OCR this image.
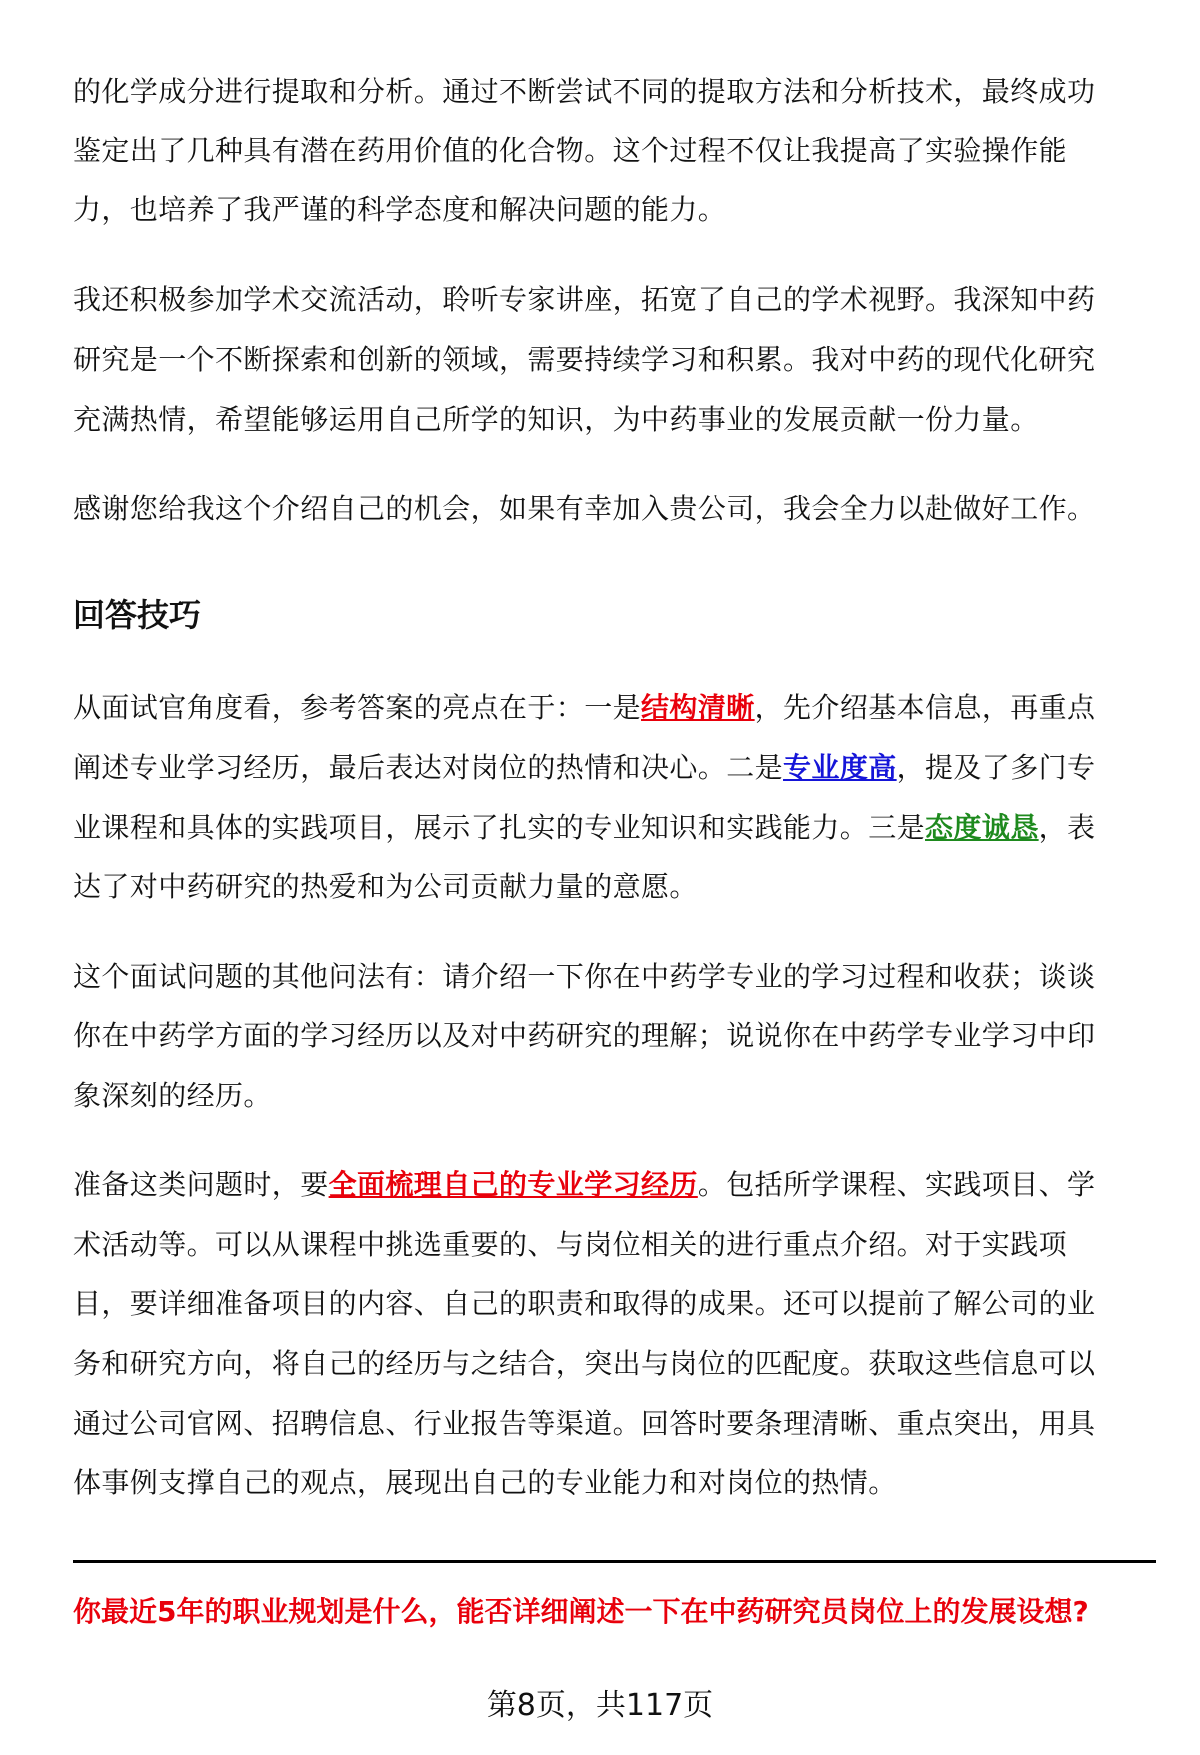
的化学成分进行提取和分析。通过不断尝试不同的提取方法和分析技术，最终成功
鉴定出了几种具有潜在药用价值的化合物。这个过程不仅让我提高了实验操作能
力，也培养了我严谨的科学态度和解决问题的能力。
我还积极参加学术交流活动，聆听专家讲座，拓宽了自己的学术视野。我深知中药
研究是一个不断探索和创新的领域，需要持续学习和积累。我对中药的现代化研究
充满热情，希望能够运用自己所学的知识，为中药事业的发展贡献一份力量。
感谢您给我这个介绍自己的机会，如果有幸加入贵公司，我会全力以赴做好工作。
从面试官角度看，参考答案的亮点在于：一是结构清晰，先介绍基本信息，再重点
阐述专业学习经历，最后表达对岗位的热情和决心。二是专业度高，提及了多门专
业课程和具体的实践项目，展示了扎实的专业知识和实践能力。三是态度诚恳，表
达了对中药研究的热爱和为公司贡献力量的意愿。
这个面试问题的其他问法有：请介绍一下你在中药学专业的学习过程和收获；谈谈
你在中药学方面的学习经历以及对中药研究的理解；说说你在中药学专业学习中印
象深刻的经历。
准备这类问题时，要全面梳理自己的专业学习经历。包括所学课程、实践项目、学
术活动等。可以从课程中挑选重要的、与岗位相关的进行重点介绍。对于实践项
目，要详细准备项目的内容、自己的职责和取得的成果。还可以提前了解公司的业
务和研究方向，将自己的经历与之结合，突出与岗位的匹配度。获取这些信息可以
通过公司官网、招聘信息、行业报告等渠道。回答时要条理清晰、重点突出，用具
体事例支撑自己的观点，展现出自己的专业能力和对岗位的热情。
回答技巧
你最近5年的职业规划是什么，能否详细阐述一下在中药研究员岗位上的发展设想?
第8页，共117页
